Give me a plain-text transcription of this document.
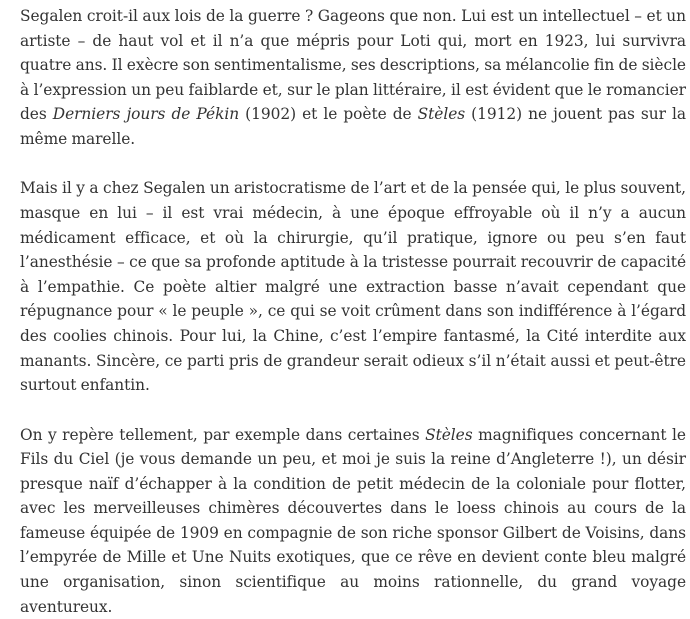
Segalen croit-il aux lois de la guerre ? Gageons que non. Lui est un intellectuel – et un artiste – de haut vol et il n’a que mépris pour Loti qui, mort en 1923, lui survivra quatre ans. Il exècre son sentimentalisme, ses descriptions, sa mélancolie fin de siècle à l’expression un peu faiblarde et, sur le plan littéraire, il est évident que le romancier des Derniers jours de Pékin (1902) et le poète de Stèles (1912) ne jouent pas sur la même marelle.

Mais il y a chez Segalen un aristocratisme de l’art et de la pensée qui, le plus souvent, masque en lui – il est vrai médecin, à une époque effroyable où il n’y a aucun médicament efficace, et où la chirurgie, qu’il pratique, ignore ou peu s’en faut l’anesthésie – ce que sa profonde aptitude à la tristesse pourrait recouvrir de capacité à l’empathie. Ce poète altier malgré une extraction basse n’avait cependant que répugnance pour « le peuple », ce qui se voit crûment dans son indifférence à l’égard des coolies chinois. Pour lui, la Chine, c’est l’empire fantasmé, la Cité interdite aux manants. Sincère, ce parti pris de grandeur serait odieux s’il n’était aussi et peut-être surtout enfantin.

On y repère tellement, par exemple dans certaines Stèles magnifiques concernant le Fils du Ciel (je vous demande un peu, et moi je suis la reine d’Angleterre !), un désir presque naïf d’échapper à la condition de petit médecin de la coloniale pour flotter, avec les merveilleuses chimères découvertes dans le loess chinois au cours de la fameuse équipée de 1909 en compagnie de son riche sponsor Gilbert de Voisins, dans l’empyrée de Mille et Une Nuits exotiques, que ce rêve en devient conte bleu malgré une organisation, sinon scientifique au moins rationnelle, du grand voyage aventureux.
